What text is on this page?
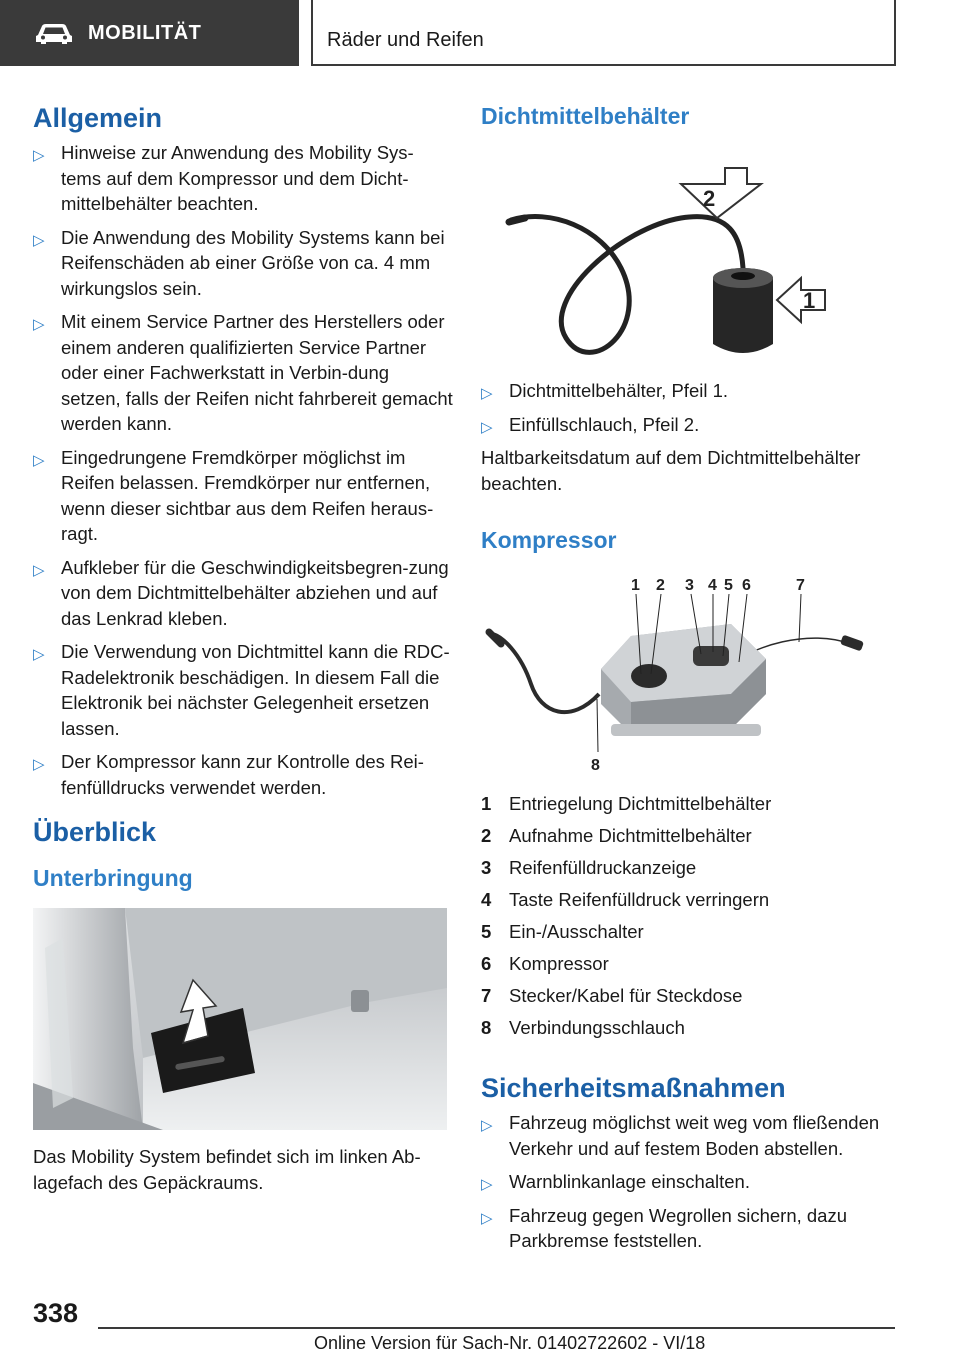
MOBILITÄT	Räder und Reifen
Allgemein
▷ Hinweise zur Anwendung des Mobility Sys-tems auf dem Kompressor und dem Dicht-mittelbehälter beachten.
▷ Die Anwendung des Mobility Systems kann bei Reifenschäden ab einer Größe von ca. 4 mm wirkungslos sein.
▷ Mit einem Service Partner des Herstellers oder einem anderen qualifizierten Service Partner oder einer Fachwerkstatt in Verbin-dung setzen, falls der Reifen nicht fahrbereit gemacht werden kann.
▷ Eingedrungene Fremdkörper möglichst im Reifen belassen. Fremdkörper nur entfernen, wenn dieser sichtbar aus dem Reifen heraus-ragt.
▷ Aufkleber für die Geschwindigkeitsbegren-zung von dem Dichtmittelbehälter abziehen und auf das Lenkrad kleben.
▷ Die Verwendung von Dichtmittel kann die RDC-Radelektronik beschädigen. In diesem Fall die Elektronik bei nächster Gelegenheit ersetzen lassen.
▷ Der Kompressor kann zur Kontrolle des Rei-fenfülldrucks verwendet werden.
Überblick
Unterbringung

Das Mobility System befindet sich im linken Ab-lagefach des Gepäckraums.

Dichtmittelbehälter
2
1
▷ Dichtmittelbehälter, Pfeil 1.
▷ Einfüllschlauch, Pfeil 2.

Haltbarkeitsdatum auf dem Dichtmittelbehälter beachten.

Kompressor
1 2 3 4 5 6	7
8
1 Entriegelung Dichtmittelbehälter
2 Aufnahme Dichtmittelbehälter
3 Reifenfülldruckanzeige
4 Taste Reifenfülldruck verringern
5 Ein-/Ausschalter
6 Kompressor
7 Stecker/Kabel für Steckdose
8 Verbindungsschlauch
Sicherheitsmaßnahmen
▷ Fahrzeug möglichst weit weg vom fließenden Verkehr und auf festem Boden abstellen.
▷ Warnblinkanlage einschalten.
▷ Fahrzeug gegen Wegrollen sichern, dazu Parkbremse feststellen.
338
Online Version für Sach-Nr. 01402722602 - VI/18
